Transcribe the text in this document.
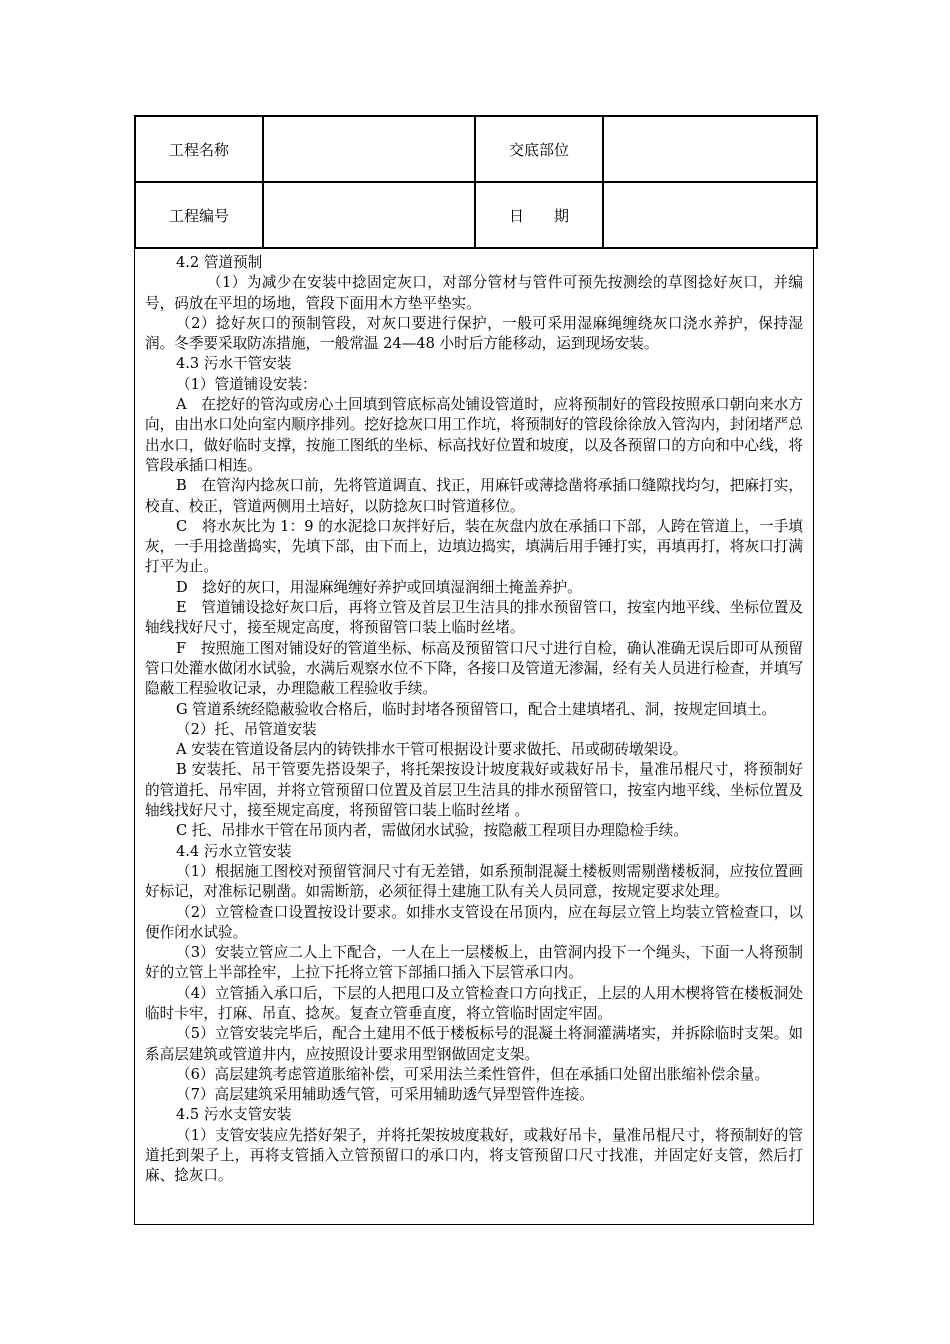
工程名称		交底部位	
工程编号		日　　期	

4.2 管道预制

（1）为减少在安装中捻固定灰口，对部分管材与管件可预先按测绘的草图捻好灰口，并编号，码放在平坦的场地，管段下面用木方垫平垫实。

（2）捻好灰口的预制管段，对灰口要进行保护，一般可采用湿麻绳缠绕灰口浇水养护，保持湿润。冬季要采取防冻措施，一般常温 24—48 小时后方能移动，运到现场安装。

4.3 污水干管安装

（1）管道铺设安装：

A　在挖好的管沟或房心土回填到管底标高处铺设管道时，应将预制好的管段按照承口朝向来水方向，由出水口处向室内顺序排列。挖好捻灰口用工作坑，将预制好的管段徐徐放入管沟内，封闭堵严总出水口，做好临时支撑，按施工图纸的坐标、标高找好位置和坡度，以及各预留口的方向和中心线，将管段承插口相连。

B　在管沟内捻灰口前，先将管道调直、找正，用麻钎或薄捻凿将承插口缝隙找均匀，把麻打实，校直、校正，管道两侧用土培好，以防捻灰口时管道移位。

C　将水灰比为 1：9 的水泥捻口灰拌好后，装在灰盘内放在承插口下部，人跨在管道上，一手填灰，一手用捻凿捣实，先填下部，由下而上，边填边捣实，填满后用手锤打实，再填再打，将灰口打满打平为止。

D　捻好的灰口，用湿麻绳缠好养护或回填湿润细土掩盖养护。

E　管道铺设捻好灰口后，再将立管及首层卫生洁具的排水预留管口，按室内地平线、坐标位置及轴线找好尺寸，接至规定高度，将预留管口装上临时丝堵。

F　按照施工图对铺设好的管道坐标、标高及预留管口尺寸进行自检，确认准确无误后即可从预留管口处灌水做闭水试验，水满后观察水位不下降，各接口及管道无渗漏，经有关人员进行检查，并填写隐蔽工程验收记录，办理隐蔽工程验收手续。

G 管道系统经隐蔽验收合格后，临时封堵各预留管口，配合土建填堵孔、洞，按规定回填土。

（2）托、吊管道安装

A 安装在管道设备层内的铸铁排水干管可根据设计要求做托、吊或砌砖墩架设。

B 安装托、吊干管要先搭设架子，将托架按设计坡度栽好或栽好吊卡，量准吊棍尺寸，将预制好的管道托、吊牢固，并将立管预留口位置及首层卫生洁具的排水预留管口，按室内地平线、坐标位置及轴线找好尺寸，接至规定高度，将预留管口装上临时丝堵 。

C 托、吊排水干管在吊顶内者，需做闭水试验，按隐蔽工程项目办理隐检手续。

4.4 污水立管安装

（1）根据施工图校对预留管洞尺寸有无差错，如系预制混凝土楼板则需剔凿楼板洞，应按位置画好标记，对准标记剔凿。如需断筋，必须征得土建施工队有关人员同意，按规定要求处理。

（2）立管检查口设置按设计要求。如排水支管设在吊顶内，应在每层立管上均装立管检查口，以便作闭水试验。

（3）安装立管应二人上下配合，一人在上一层楼板上，由管洞内投下一个绳头，下面一人将预制好的立管上半部拴牢，上拉下托将立管下部插口插入下层管承口内。

（4）立管插入承口后，下层的人把甩口及立管检查口方向找正，上层的人用木楔将管在楼板洞处临时卡牢，打麻、吊直、捻灰。复查立管垂直度，将立管临时固定牢固。

（5）立管安装完毕后，配合土建用不低于楼板标号的混凝土将洞灌满堵实，并拆除临时支架。如系高层建筑或管道井内，应按照设计要求用型钢做固定支架。

（6）高层建筑考虑管道胀缩补偿，可采用法兰柔性管件，但在承插口处留出胀缩补偿余量。

（7）高层建筑采用辅助透气管，可采用辅助透气异型管件连接。

4.5 污水支管安装

（1）支管安装应先搭好架子，并将托架按坡度栽好，或栽好吊卡，量准吊棍尺寸，将预制好的管道托到架子上，再将支管插入立管预留口的承口内，将支管预留口尺寸找准，并固定好支管，然后打麻、捻灰口。
